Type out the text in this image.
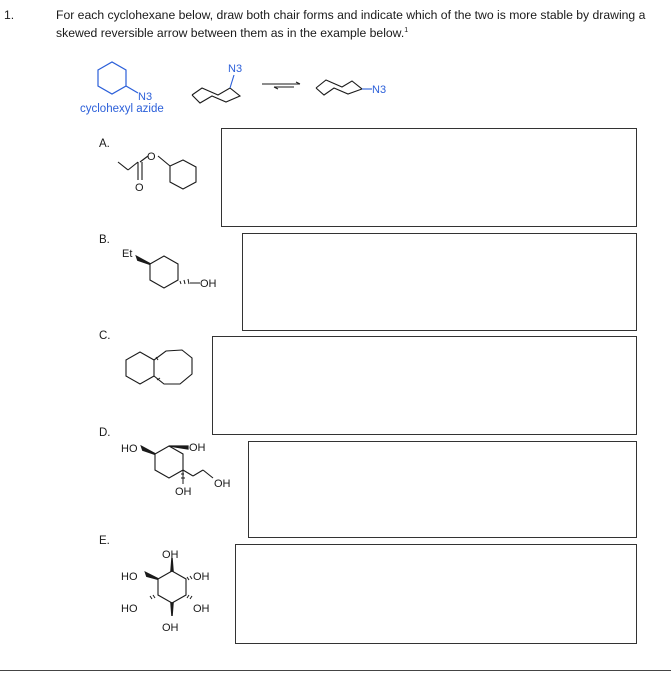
1.	For each cyclohexane below, draw both chair forms and indicate which of the two is more stable by drawing a skewed reversible arrow between them as in the example below.$^1$
N3
N3
N3
cyclohexyl azide
A.
B.
C.
D.
E.
O
O
Et
OH
HO	OH
OH
OH
OH
HO	OH
HO	OH
OH
